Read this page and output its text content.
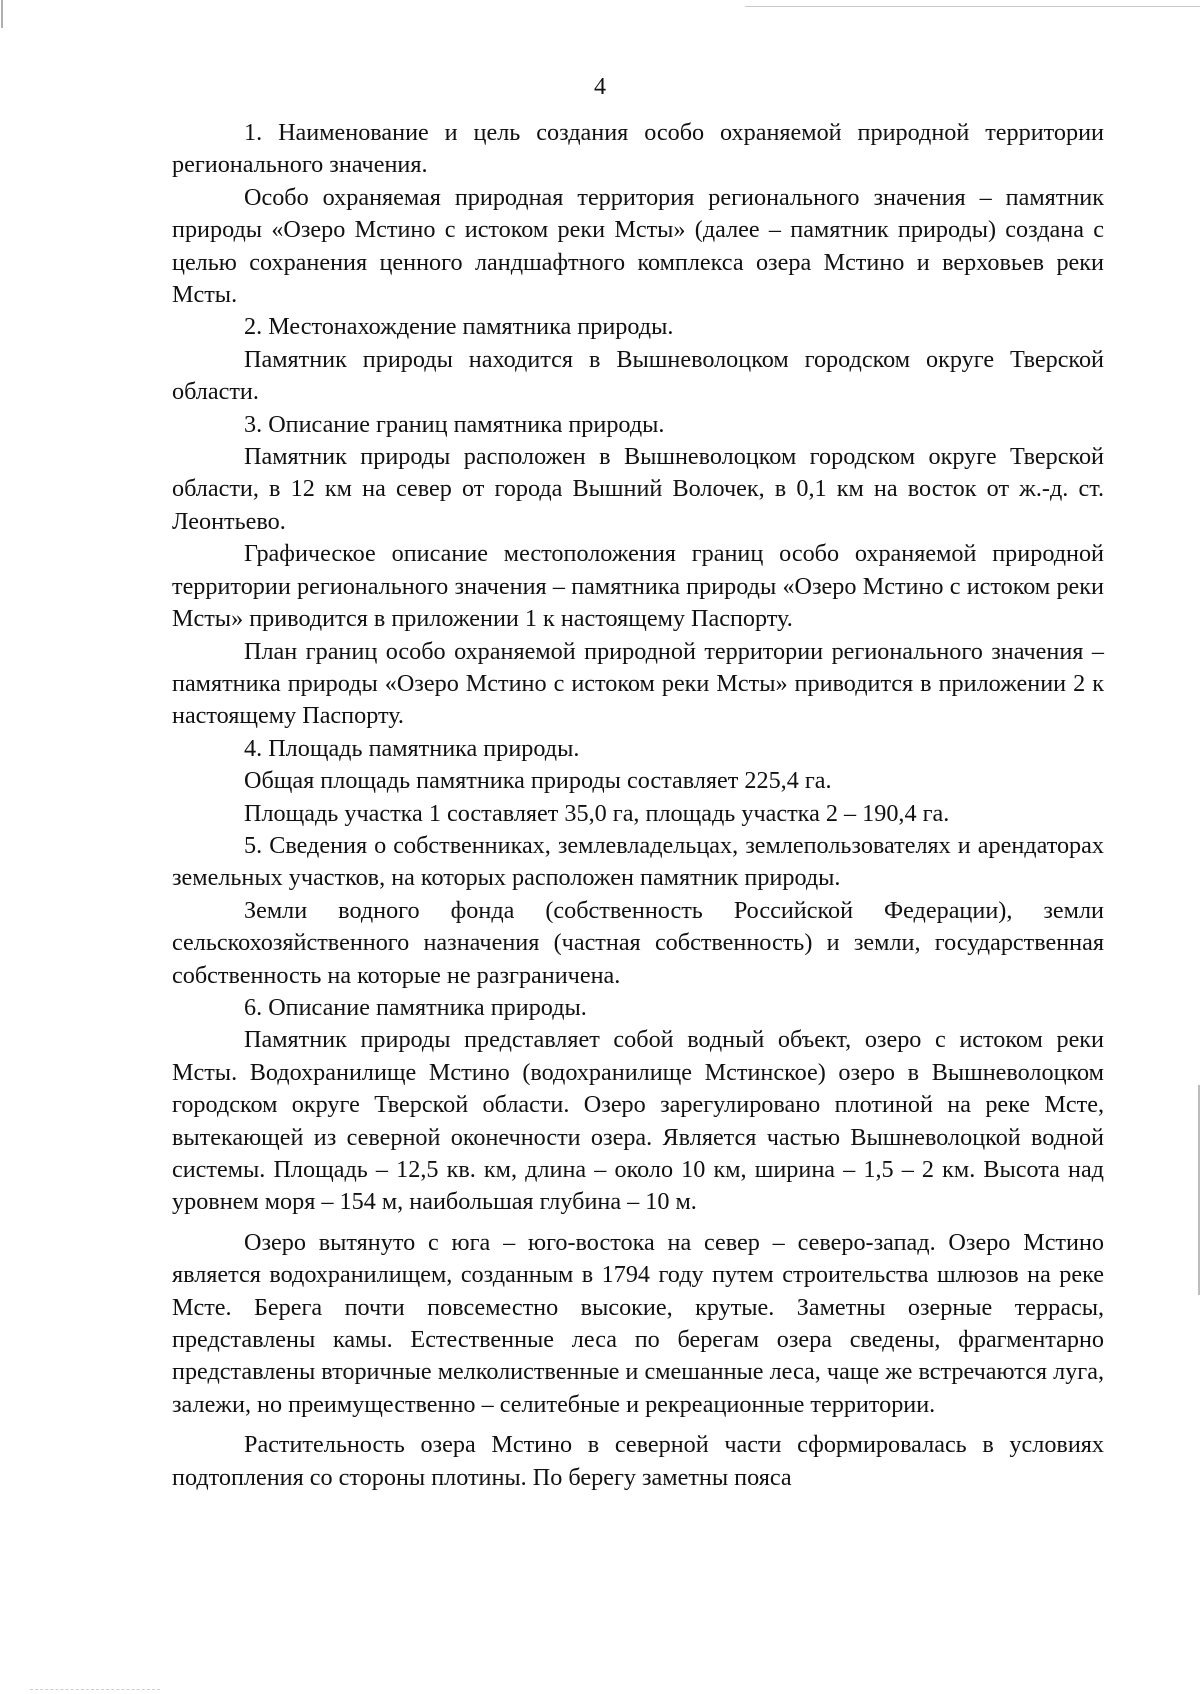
4

1. Наименование и цель создания особо охраняемой природной территории регионального значения.

Особо охраняемая природная территория регионального значения – памятник природы «Озеро Мстино с истоком реки Мсты» (далее – памятник природы) создана с целью сохранения ценного ландшафтного комплекса озера Мстино и верховьев реки Мсты.

2. Местонахождение памятника природы.

Памятник природы находится в Вышневолоцком городском округе Тверской области.

3. Описание границ памятника природы.

Памятник природы расположен в Вышневолоцком городском округе Тверской области, в 12 км на север от города Вышний Волочек, в 0,1 км на восток от ж.-д. ст. Леонтьево.

Графическое описание местоположения границ особо охраняемой природной территории регионального значения – памятника природы «Озеро Мстино с истоком реки Мсты» приводится в приложении 1 к настоящему Паспорту.

План границ особо охраняемой природной территории регионального значения – памятника природы «Озеро Мстино с истоком реки Мсты» приводится в приложении 2 к настоящему Паспорту.

4. Площадь памятника природы.

Общая площадь памятника природы составляет 225,4 га.

Площадь участка 1 составляет 35,0 га, площадь участка 2 – 190,4 га.

5. Сведения о собственниках, землевладельцах, землепользователях и арендаторах земельных участков, на которых расположен памятник природы.

Земли водного фонда (собственность Российской Федерации), земли сельскохозяйственного назначения (частная собственность) и земли, государственная собственность на которые не разграничена.

6. Описание памятника природы.

Памятник природы представляет собой водный объект, озеро с истоком реки Мсты. Водохранилище Мстино (водохранилище Мстинское) озеро в Вышневолоцком городском округе Тверской области. Озеро зарегулировано плотиной на реке Мсте, вытекающей из северной оконечности озера. Является частью Вышневолоцкой водной системы. Площадь – 12,5 кв. км, длина – около 10 км, ширина – 1,5 – 2 км. Высота над уровнем моря – 154 м, наибольшая глубина – 10 м.

Озеро вытянуто с юга – юго-востока на север – северо-запад. Озеро Мстино является водохранилищем, созданным в 1794 году путем строительства шлюзов на реке Мсте. Берега почти повсеместно высокие, крутые. Заметны озерные террасы, представлены камы. Естественные леса по берегам озера сведены, фрагментарно представлены вторичные мелколиственные и смешанные леса, чаще же встречаются луга, залежи, но преимущественно – селитебные и рекреационные территории.

Растительность озера Мстино в северной части сформировалась в условиях подтопления со стороны плотины. По берегу заметны пояса
